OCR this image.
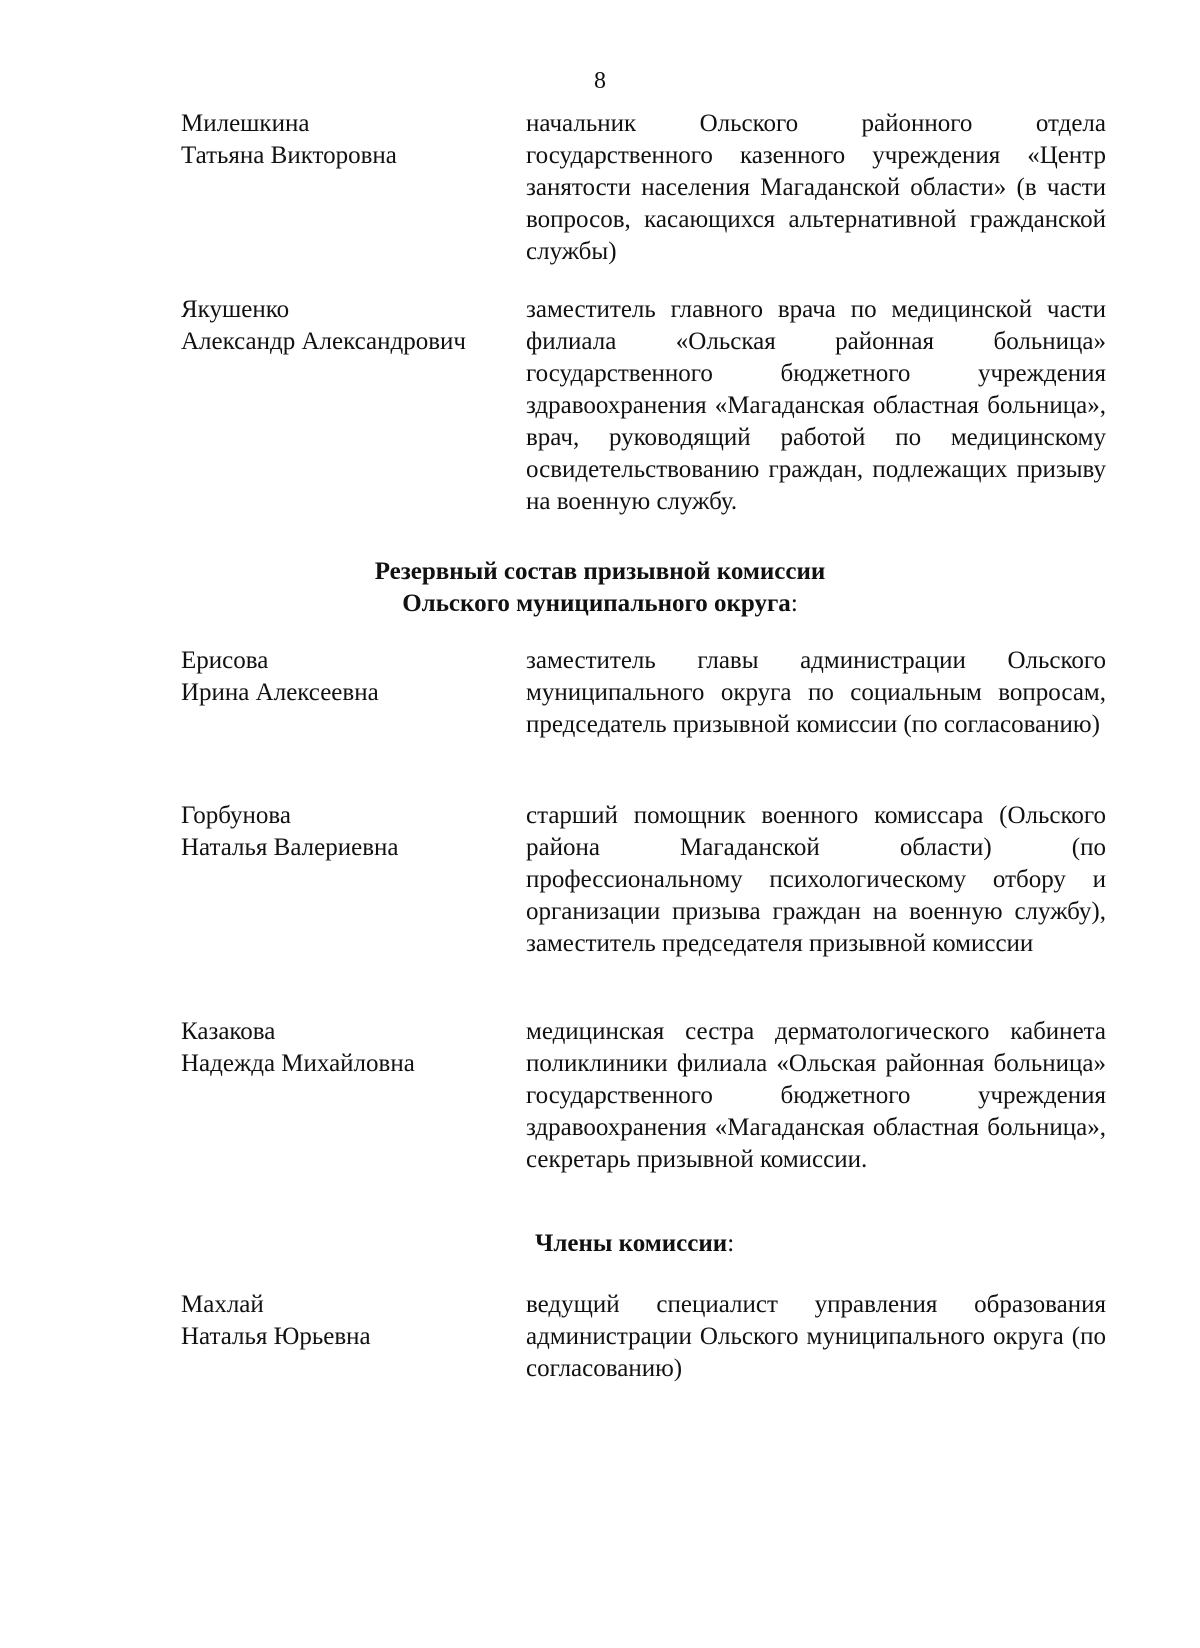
8
Милешкина
Татьяна Викторовна
начальник Ольского районного отдела государственного казенного учреждения «Центр занятости населения Магаданской области» (в части вопросов, касающихся альтернативной гражданской службы)
Якушенко
Александр Александрович
заместитель главного врача по медицинской части филиала «Ольская районная больница» государственного бюджетного учреждения здравоохранения «Магаданская областная больница», врач, руководящий работой по медицинскому освидетельствованию граждан, подлежащих призыву на военную службу.
Резервный состав призывной комиссии
Ольского муниципального округа:
Ерисова
Ирина Алексеевна
заместитель главы администрации Ольского муниципального округа по социальным вопросам, председатель призывной комиссии (по согласованию)
Горбунова
Наталья Валериевна
старший помощник военного комиссара (Ольского района Магаданской области) (по профессиональному психологическому отбору и организации призыва граждан на военную службу), заместитель председателя призывной комиссии
Казакова
Надежда Михайловна
медицинская сестра дерматологического кабинета поликлиники филиала «Ольская районная больница» государственного бюджетного учреждения здравоохранения «Магаданская областная больница», секретарь призывной комиссии.
Члены комиссии:
Махлай
Наталья Юрьевна
ведущий специалист управления образования администрации Ольского муниципального округа (по согласованию)
